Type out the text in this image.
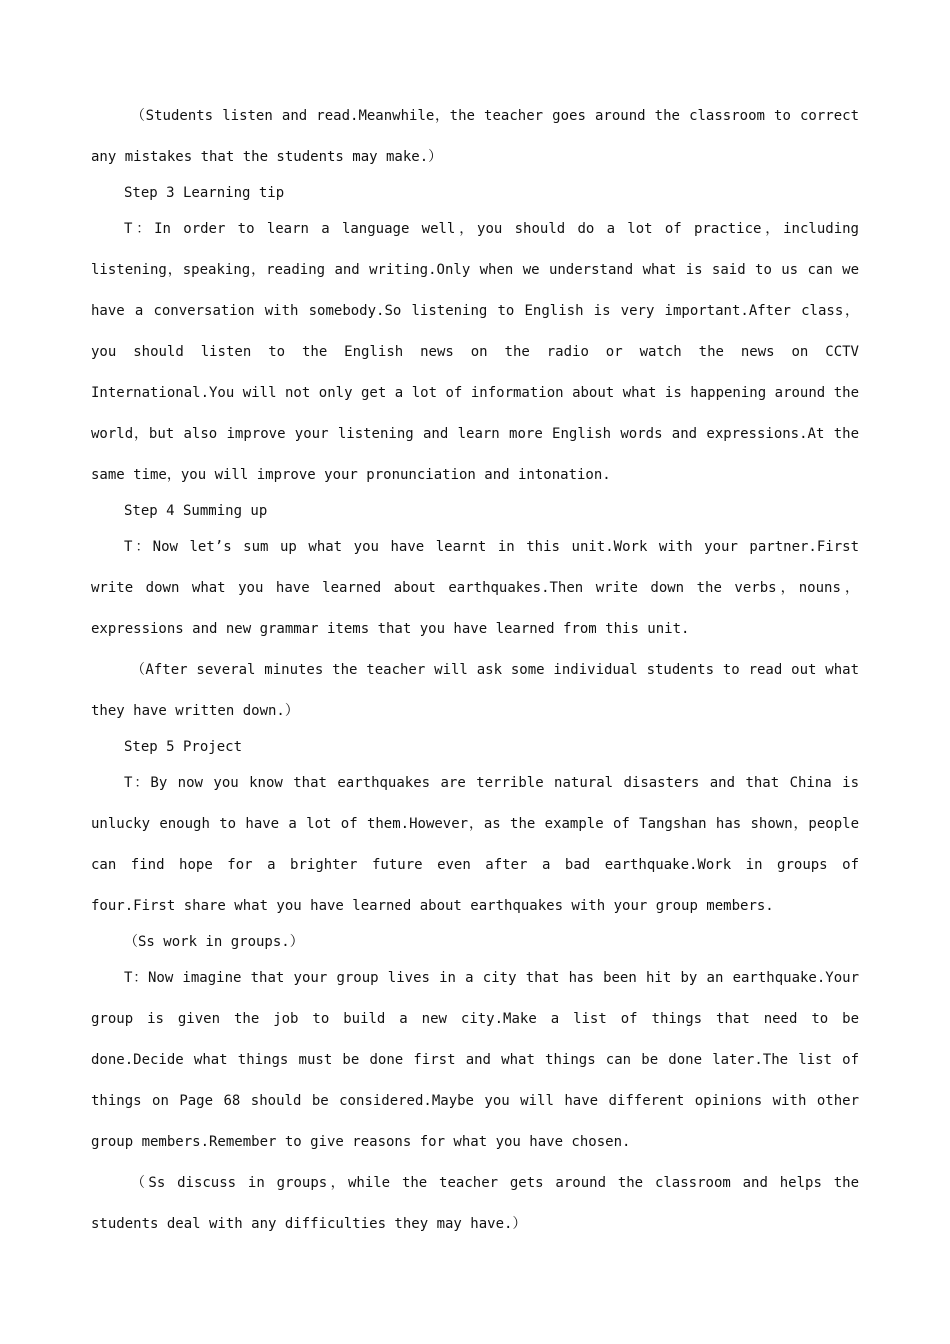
（Students listen and read.Meanwhile，the teacher goes around the classroom to correct any mistakes that the students may make.）

Step 3 Learning tip

T：In order to learn a language well，you should do a lot of practice，including listening，speaking，reading and writing.Only when we understand what is said to us can we have a conversation with somebody.So listening to English is very important.After class，you should listen to the English news on the radio or watch the news on CCTV International.You will not only get a lot of information about what is happening around the world，but also improve your listening and learn more English words and expressions.At the same time，you will improve your pronunciation and intonation.

Step 4 Summing up

T：Now let’s sum up what you have learnt in this unit.Work with your partner.First write down what you have learned about earthquakes.Then write down the verbs，nouns，expressions and new grammar items that you have learned from this unit.

（After several minutes the teacher will ask some individual students to read out what they have written down.）

Step 5 Project

T：By now you know that earthquakes are terrible natural disasters and that China is unlucky enough to have a lot of them.However，as the example of Tangshan has shown，people can find hope for a brighter future even after a bad earthquake.Work in groups of four.First share what you have learned about earthquakes with your group members.

（Ss work in groups.）

T：Now imagine that your group lives in a city that has been hit by an earthquake.Your group is given the job to build a new city.Make a list of things that need to be done.Decide what things must be done first and what things can be done later.The list of things on Page 68 should be considered.Maybe you will have different opinions with other group members.Remember to give reasons for what you have chosen.

（Ss discuss in groups，while the teacher gets around the classroom and helps the students deal with any difficulties they may have.）
